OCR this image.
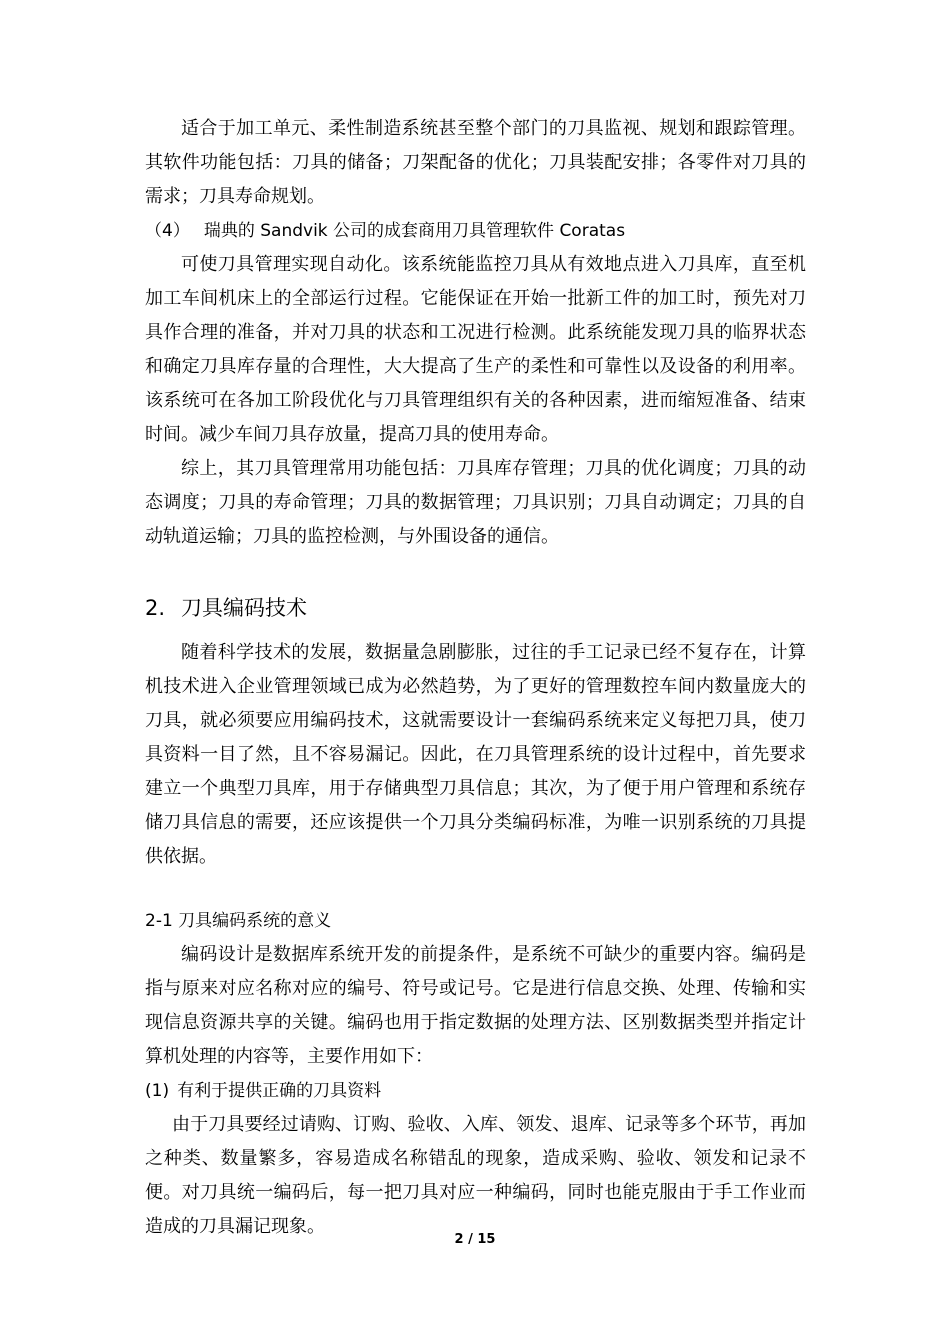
适合于加工单元、柔性制造系统甚至整个部门的刀具监视、规划和跟踪管理。其软件功能包括：刀具的储备；刀架配备的优化；刀具装配安排；各零件对刀具的需求；刀具寿命规划。

（4） 瑞典的 Sandvik 公司的成套商用刀具管理软件 Coratas

可使刀具管理实现自动化。该系统能监控刀具从有效地点进入刀具库，直至机加工车间机床上的全部运行过程。它能保证在开始一批新工件的加工时，预先对刀具作合理的准备，并对刀具的状态和工况进行检测。此系统能发现刀具的临界状态和确定刀具库存量的合理性，大大提高了生产的柔性和可靠性以及设备的利用率。该系统可在各加工阶段优化与刀具管理组织有关的各种因素，进而缩短准备、结束时间。减少车间刀具存放量，提高刀具的使用寿命。

综上，其刀具管理常用功能包括：刀具库存管理；刀具的优化调度；刀具的动态调度；刀具的寿命管理；刀具的数据管理；刀具识别；刀具自动调定；刀具的自动轨道运输；刀具的监控检测，与外围设备的通信。

2. 刀具编码技术

随着科学技术的发展，数据量急剧膨胀，过往的手工记录已经不复存在，计算机技术进入企业管理领域已成为必然趋势，为了更好的管理数控车间内数量庞大的刀具，就必须要应用编码技术，这就需要设计一套编码系统来定义每把刀具，使刀具资料一目了然，且不容易漏记。因此，在刀具管理系统的设计过程中，首先要求建立一个典型刀具库，用于存储典型刀具信息；其次，为了便于用户管理和系统存储刀具信息的需要，还应该提供一个刀具分类编码标准，为唯一识别系统的刀具提供依据。

2-1 刀具编码系统的意义

编码设计是数据库系统开发的前提条件，是系统不可缺少的重要内容。编码是指与原来对应名称对应的编号、符号或记号。它是进行信息交换、处理、传输和实现信息资源共享的关键。编码也用于指定数据的处理方法、区别数据类型并指定计算机处理的内容等，主要作用如下：

(1) 有利于提供正确的刀具资料

由于刀具要经过请购、订购、验收、入库、领发、退库、记录等多个环节，再加之种类、数量繁多，容易造成名称错乱的现象，造成采购、验收、领发和记录不便。对刀具统一编码后，每一把刀具对应一种编码，同时也能克服由于手工作业而造成的刀具漏记现象。

2 / 15
